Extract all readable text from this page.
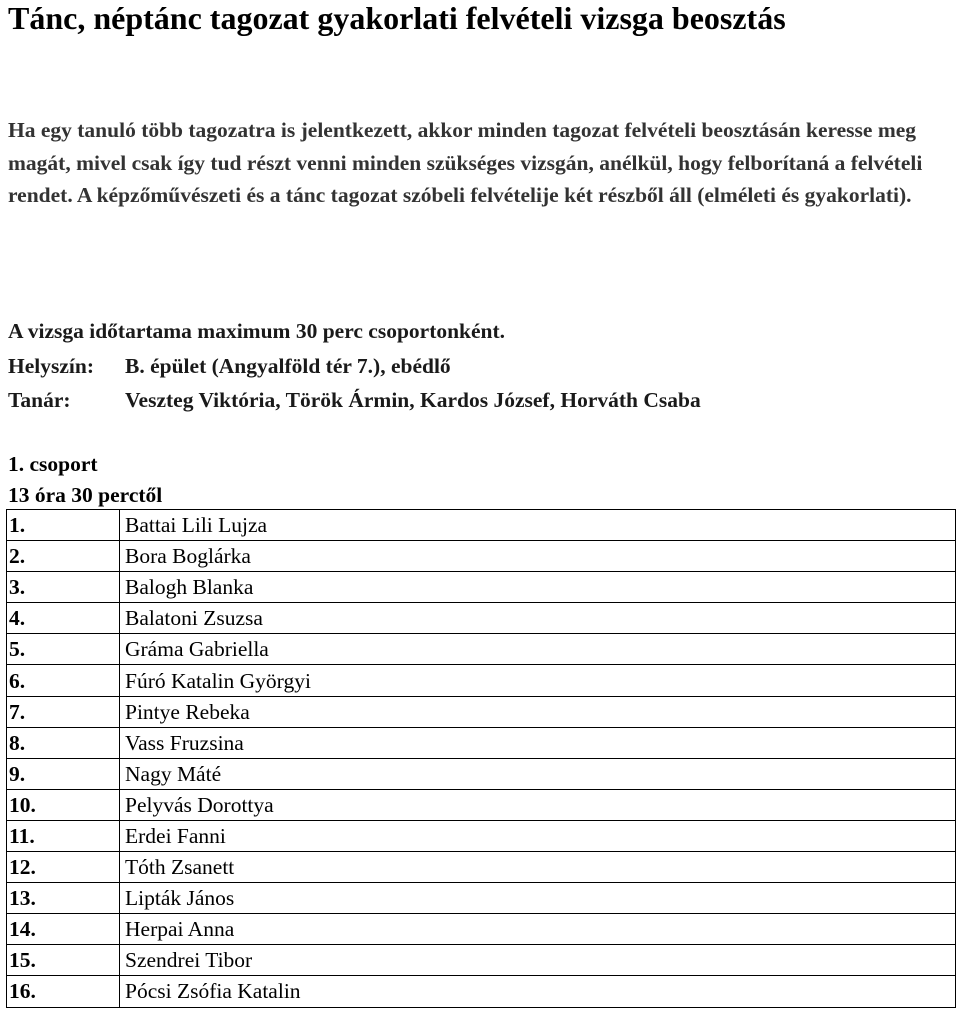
Tánc, néptánc tagozat gyakorlati felvételi vizsga beosztás

Ha egy tanuló több tagozatra is jelentkezett, akkor minden tagozat felvételi beosztásán keresse meg magát, mivel csak így tud részt venni minden szükséges vizsgán, anélkül, hogy felborítaná a felvételi rendet. A képzőművészeti és a tánc tagozat szóbeli felvételije két részből áll (elméleti és gyakorlati).

A vizsga időtartama maximum 30 perc csoportonként.

Helyszín: B. épület (Angyalföld tér 7.), ebédlő

Tanár:	Veszteg Viktória, Török Ármin, Kardos József, Horváth Csaba

1. csoport

13 óra 30 perctől

1.	Battai Lili Lujza
2.	Bora Boglárka
3.	Balogh Blanka
4.	Balatoni Zsuzsa
5.	Gráma Gabriella
6.	Fúró Katalin Györgyi
7.	Pintye Rebeka
8.	Vass Fruzsina
9.	Nagy Máté
10.	Pelyvás Dorottya
11.	Erdei Fanni
12.	Tóth Zsanett
13.	Lipták János
14.	Herpai Anna
15.	Szendrei Tibor
16.	Pócsi Zsófia Katalin
